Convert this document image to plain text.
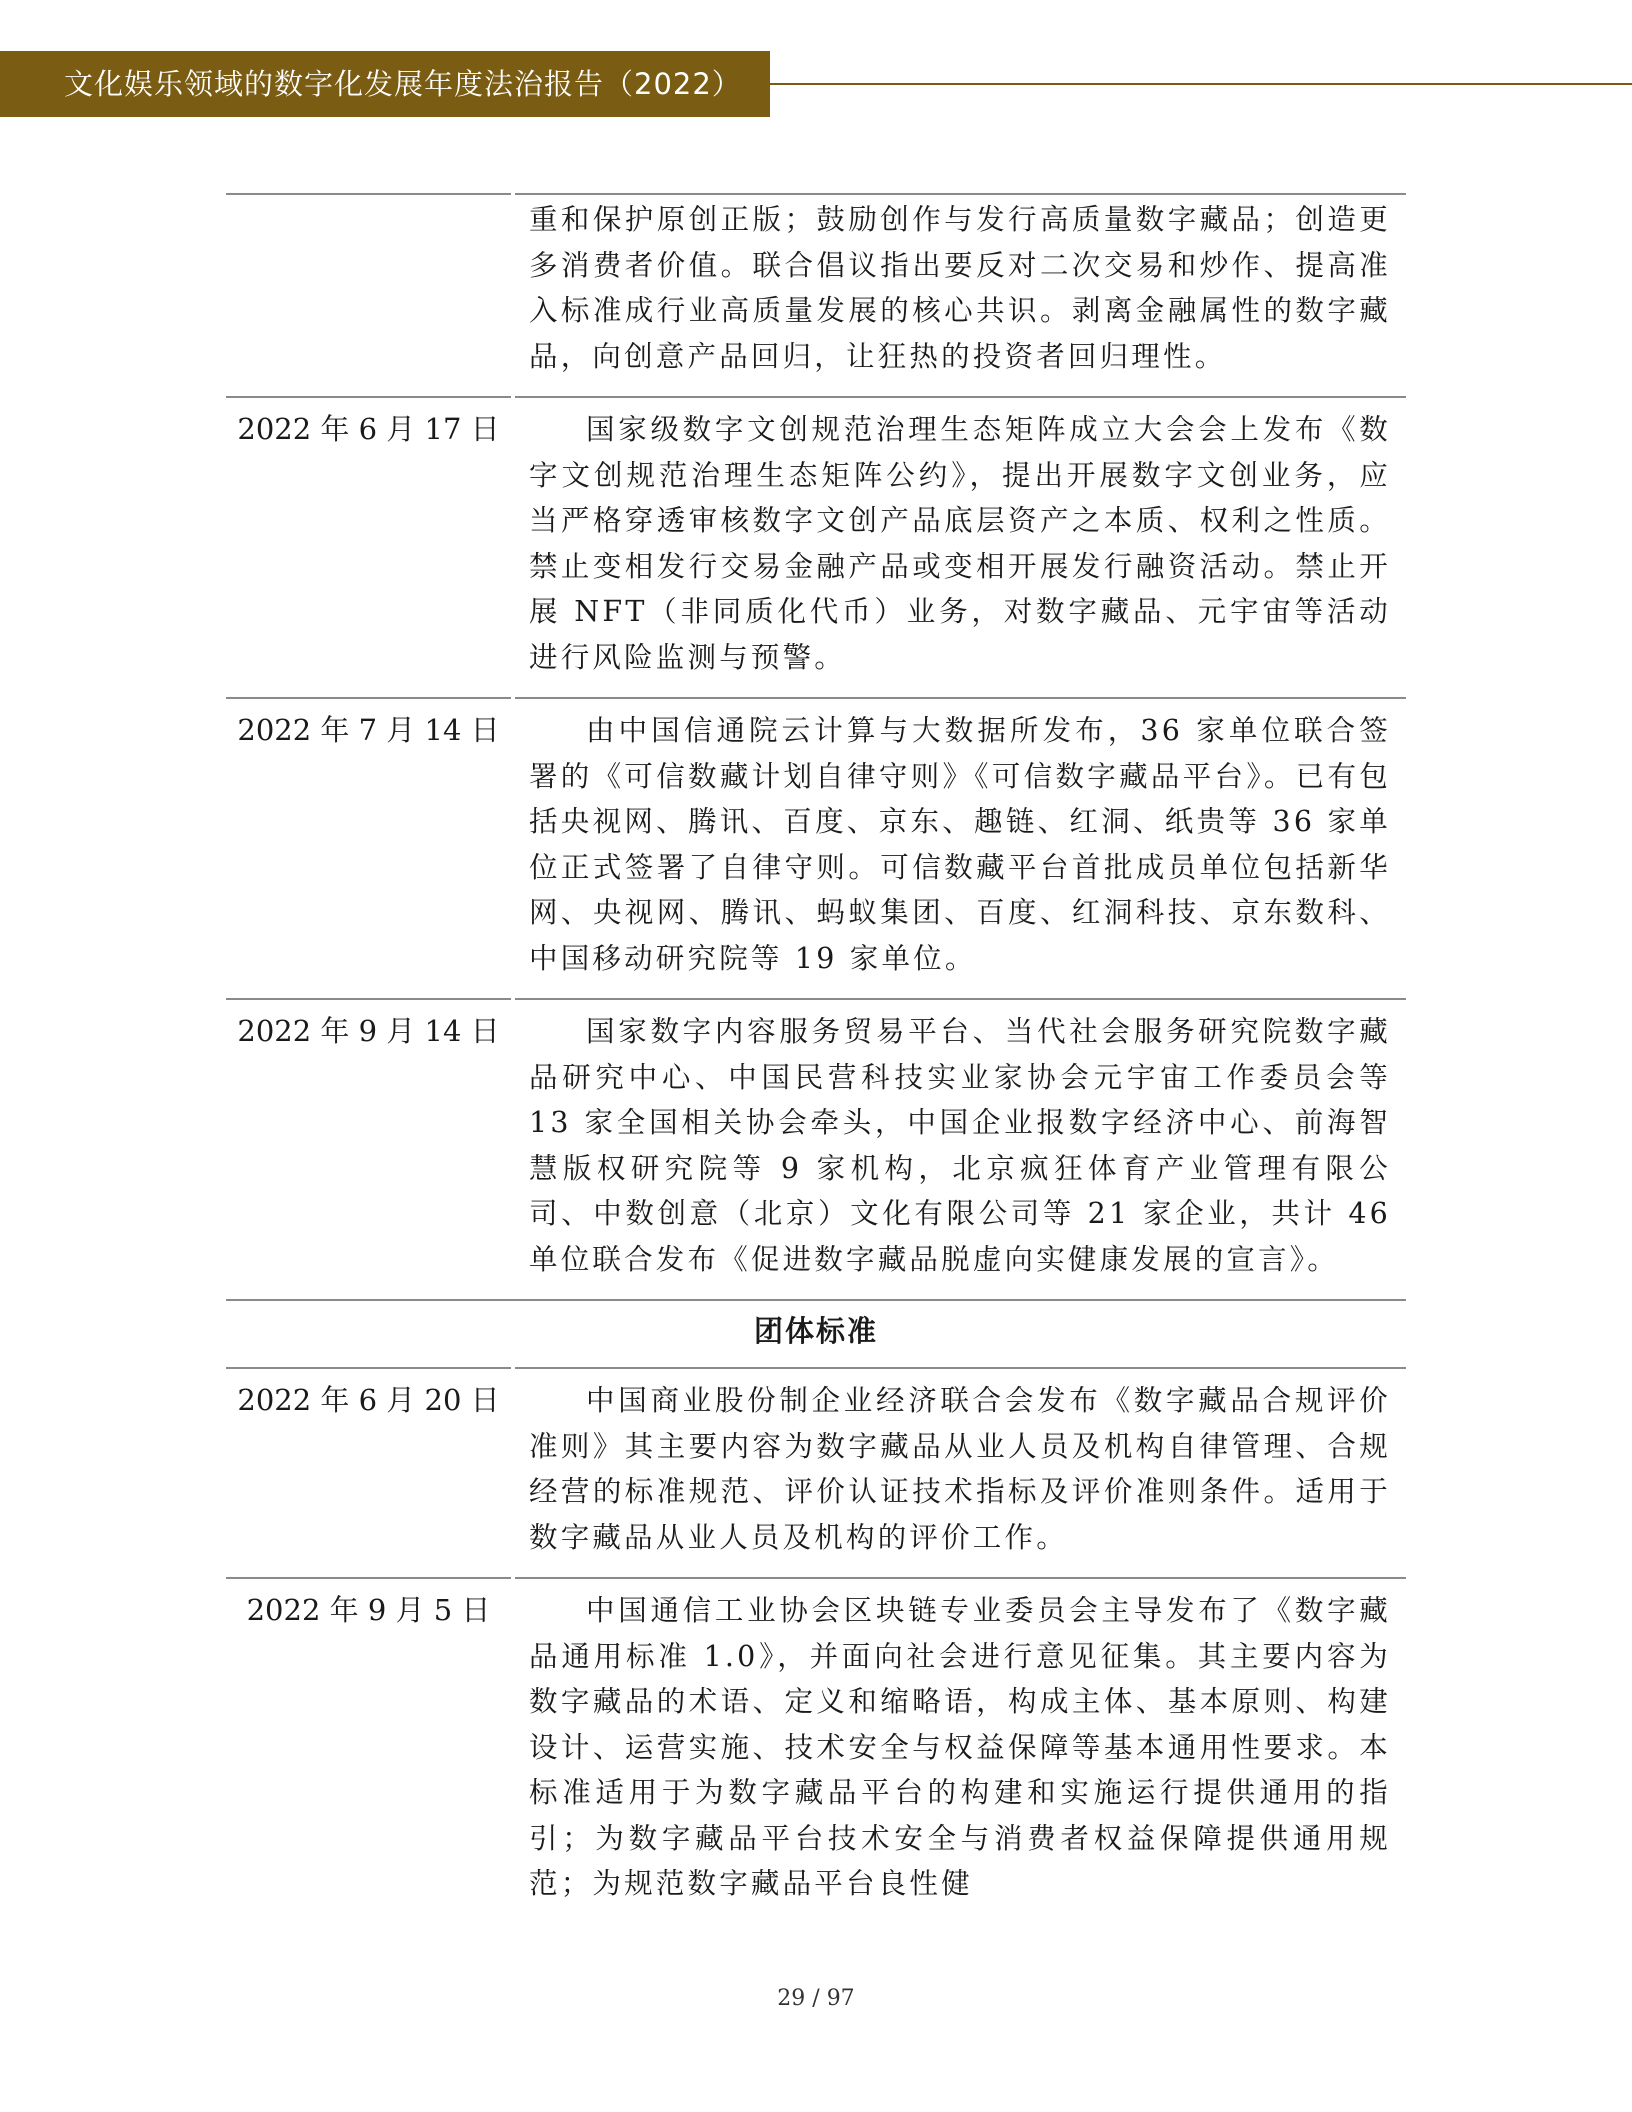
文化娱乐领域的数字化发展年度法治报告（2022）
重和保护原创正版；鼓励创作与发行高质量数字藏品；创造更多消费者价值。联合倡议指出要反对二次交易和炒作、提高准入标准成行业高质量发展的核心共识。剥离金融属性的数字藏品，向创意产品回归，让狂热的投资者回归理性。
2022 年 6 月 17 日	国家级数字文创规范治理生态矩阵成立大会会上发布《数字文创规范治理生态矩阵公约》，提出开展数字文创业务，应当严格穿透审核数字文创产品底层资产之本质、权利之性质。禁止变相发行交易金融产品或变相开展发行融资活动。禁止开展 NFT（非同质化代币）业务，对数字藏品、元宇宙等活动进行风险监测与预警。
2022 年 7 月 14 日	由中国信通院云计算与大数据所发布，36 家单位联合签署的《可信数藏计划自律守则》《可信数字藏品平台》。已有包括央视网、腾讯、百度、京东、趣链、红洞、纸贵等 36 家单位正式签署了自律守则。可信数藏平台首批成员单位包括新华网、央视网、腾讯、蚂蚁集团、百度、红洞科技、京东数科、中国移动研究院等 19 家单位。
2022 年 9 月 14 日	国家数字内容服务贸易平台、当代社会服务研究院数字藏品研究中心、中国民营科技实业家协会元宇宙工作委员会等 13 家全国相关协会牵头，中国企业报数字经济中心、前海智慧版权研究院等 9 家机构，北京疯狂体育产业管理有限公司、中数创意（北京）文化有限公司等 21 家企业，共计 46 单位联合发布《促进数字藏品脱虚向实健康发展的宣言》。
团体标准
2022 年 6 月 20 日	中国商业股份制企业经济联合会发布《数字藏品合规评价准则》其主要内容为数字藏品从业人员及机构自律管理、合规经营的标准规范、评价认证技术指标及评价准则条件。适用于数字藏品从业人员及机构的评价工作。
2022 年 9 月 5 日	中国通信工业协会区块链专业委员会主导发布了《数字藏品通用标准 1.0》，并面向社会进行意见征集。其主要内容为数字藏品的术语、定义和缩略语，构成主体、基本原则、构建设计、运营实施、技术安全与权益保障等基本通用性要求。本标准适用于为数字藏品平台的构建和实施运行提供通用的指引；为数字藏品平台技术安全与消费者权益保障提供通用规范；为规范数字藏品平台良性健
29 / 97
